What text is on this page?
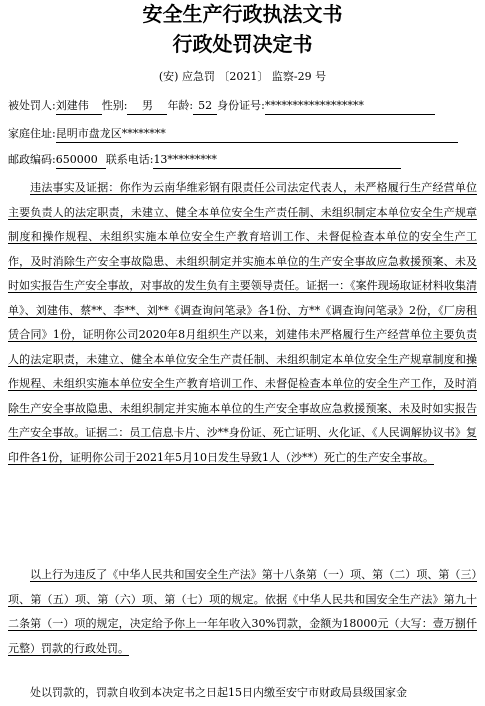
安全生产行政执法文书
行政处罚决定书
(安) 应急罚 〔2021〕 监察-29 号
被处罚人:刘建伟 性别: 男 年龄: 52 身份证号:******************
家庭住址:昆明市盘龙区********
邮政编码:650000 联系电话:13*********
违法事实及证据：你作为云南华维彩钢有限责任公司法定代表人，未严格履行生产经营单位主要负责人的法定职责，未建立、健全本单位安全生产责任制、未组织制定本单位安全生产规章制度和操作规程、未组织实施本单位安全生产教育培训工作、未督促检查本单位的安全生产工作，及时消除生产安全事故隐患、未组织制定并实施本单位的生产安全事故应急救援预案、未及时如实报告生产安全事故，对事故的发生负有主要领导责任。证据一：《案件现场取证材料收集清单》、刘建伟、蔡**、李**、刘**《调查询问笔录》各1份、方**《调查询问笔录》2份，《厂房租赁合同》1份，证明你公司2020年8月组织生产以来，刘建伟未严格履行生产经营单位主要负责人的法定职责，未建立、健全本单位安全生产责任制、未组织制定本单位安全生产规章制度和操作规程、未组织实施本单位安全生产教育培训工作、未督促检查本单位的安全生产工作，及时消除生产安全事故隐患、未组织制定并实施本单位的生产安全事故应急救援预案、未及时如实报告生产安全事故。证据二：员工信息卡片、沙**身份证、死亡证明、火化证、《人民调解协议书》复印件各1份，证明你公司于2021年5月10日发生导致1人（沙**）死亡的生产安全事故。
以上行为违反了《中华人民共和国安全生产法》第十八条第（一）项、第（二）项、第（三）项、第（五）项、第（六）项、第（七）项的规定。依据《中华人民共和国安全生产法》第九十二条第（一）项的规定，决定给予你上一年年收入30%罚款，金额为18000元（大写：壹万捌仟元整）罚款的行政处罚。
处以罚款的，罚款自收到本决定书之日起15日内缴至安宁市财政局县级国家金
